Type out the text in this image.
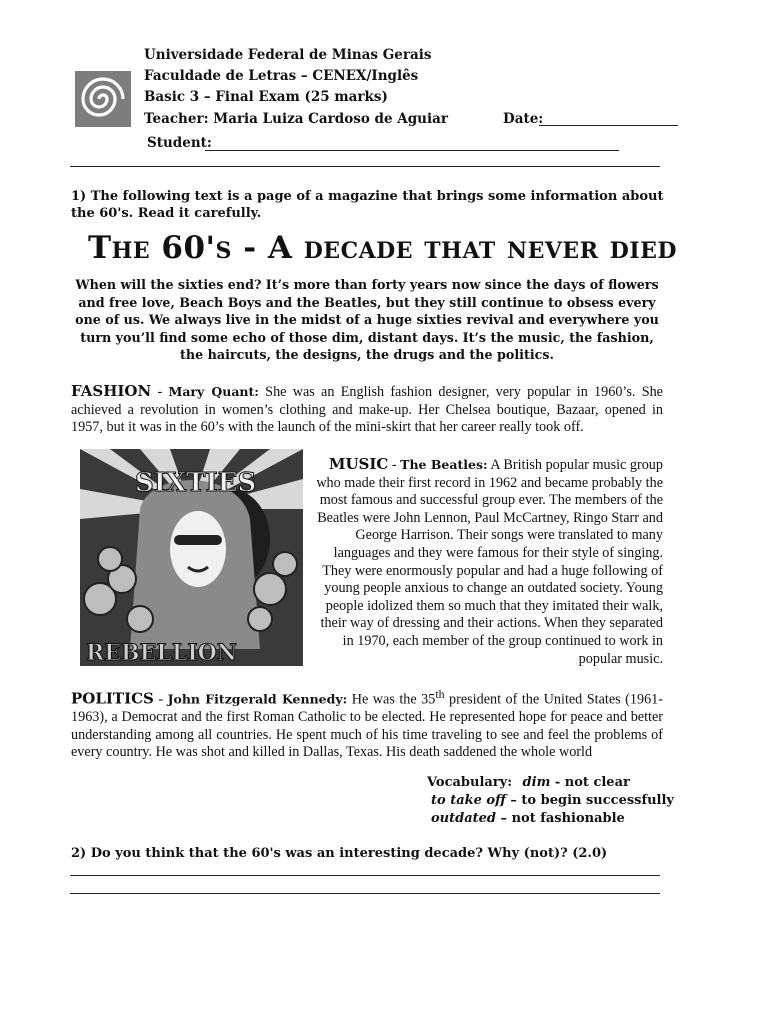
Universidade Federal de Minas Gerais
Faculdade de Letras – CENEX/Inglês
Basic 3 – Final Exam (25 marks)
Teacher: Maria Luiza Cardoso de Aguiar	Date:
Student:
1) The following text is a page of a magazine that brings some information about the 60's. Read it carefully.
The 60's - A decade that never died
When will the sixties end? It’s more than forty years now since the days of flowers and free love, Beach Boys and the Beatles, but they still continue to obsess every one of us. We always live in the midst of a huge sixties revival and everywhere you turn you’ll find some echo of those dim, distant days. It’s the music, the fashion, the haircuts, the designs, the drugs and the politics.
FASHION - Mary Quant: She was an English fashion designer, very popular in 1960’s. She achieved a revolution in women’s clothing and make-up. Her Chelsea boutique, Bazaar, opened in 1957, but it was in the 60’s with the launch of the mini-skirt that her career really took off.
SIXTIES
REBELLION
MUSIC - The Beatles: A British popular music group who made their first record in 1962 and became probably the most famous and successful group ever. The members of the Beatles were John Lennon, Paul McCartney, Ringo Starr and George Harrison. Their songs were translated to many languages and they were famous for their style of singing. They were enormously popular and had a huge following of young people anxious to change an outdated society. Young people idolized them so much that they imitated their walk, their way of dressing and their actions. When they separated in 1970, each member of the group continued to work in popular music.
POLITICS - John Fitzgerald Kennedy: He was the 35th president of the United States (1961-1963), a Democrat and the first Roman Catholic to be elected. He represented hope for peace and better understanding among all countries. He spent much of his time traveling to see and feel the problems of every country. He was shot and killed in Dallas, Texas. His death saddened the whole world
Vocabulary: dim - not clear
to take off – to begin successfully
outdated – not fashionable
2) Do you think that the 60's was an interesting decade? Why (not)? (2.0)
